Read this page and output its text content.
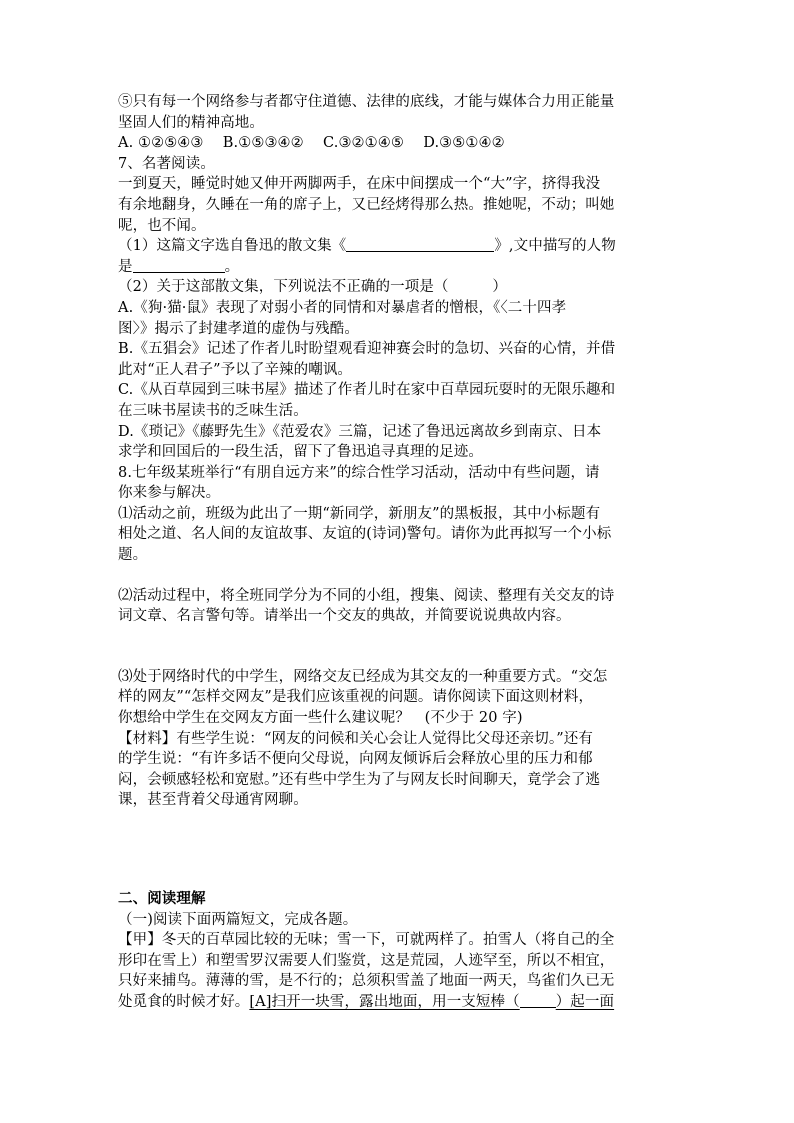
⑤只有每一个网络参与者都守住道德、法律的底线，才能与媒体合力用正能量
坚固人们的精神高地。
A. ①②⑤④③　 B.①⑤③④②　 C.③②①④⑤　 D.③⑤①④②
7、名著阅读。
一到夏天，睡觉时她又伸开两脚两手，在床中间摆成一个“大”字，挤得我没
有余地翻身，久睡在一角的席子上，又已经烤得那么热。推她呢，不动；叫她
呢，也不闻。
（1）这篇文字选自鲁迅的散文集《	》,文中描写的人物
是	。
（2）关于这部散文集，下列说法不正确的一项是（　　　）
A.《狗·猫·鼠》表现了对弱小者的同情和对暴虐者的憎根，《〈二十四孝
图〉》揭示了封建孝道的虚伪与残酷。
B.《五猖会》记述了作者儿时盼望观看迎神赛会时的急切、兴奋的心情，并借
此对“正人君子”予以了辛辣的嘲讽。
C.《从百草园到三味书屋》描述了作者儿时在家中百草园玩耍时的无限乐趣和
在三味书屋读书的乏味生活。
D.《琐记》《藤野先生》《范爱农》三篇，记述了鲁迅远离故乡到南京、日本
求学和回国后的一段生活，留下了鲁迅追寻真理的足迹。
8.七年级某班举行“有朋自远方来”的综合性学习活动，活动中有些问题，请
你来参与解决。
⑴活动之前，班级为此出了一期“新同学，新朋友”的黑板报，其中小标题有
相处之道、名人间的友谊故事、友谊的(诗词)警句。请你为此再拟写一个小标
题。
⑵活动过程中，将全班同学分为不同的小组，搜集、阅读、整理有关交友的诗
词文章、名言警句等。请举出一个交友的典故，并简要说说典故内容。
⑶处于网络时代的中学生，网络交友已经成为其交友的一种重要方式。“交怎
样的网友”“怎样交网友”是我们应该重视的问题。请你阅读下面这则材料，
你想给中学生在交网友方面一些什么建议呢？　(不少于 20 字)
【材料】有些学生说：“网友的问候和关心会让人觉得比父母还亲切。”还有
的学生说：“有许多话不便向父母说，向网友倾诉后会释放心里的压力和郁
闷，会顿感轻松和宽慰。”还有些中学生为了与网友长时间聊天，竟学会了逃
课，甚至背着父母通宵网聊。
二、阅读理解
（一)阅读下面两篇短文，完成各题。
【甲】冬天的百草园比较的无味；雪一下，可就两样了。拍雪人（将自己的全
形印在雪上）和塑雪罗汉需要人们鉴赏，这是荒园，人迹罕至，所以不相宜，
只好来捕鸟。薄薄的雪，是不行的；总须积雪盖了地面一两天，鸟雀们久已无
处觅食的时候才好。[A]扫开一块雪，露出地面，用一支短棒（ ）起一面
